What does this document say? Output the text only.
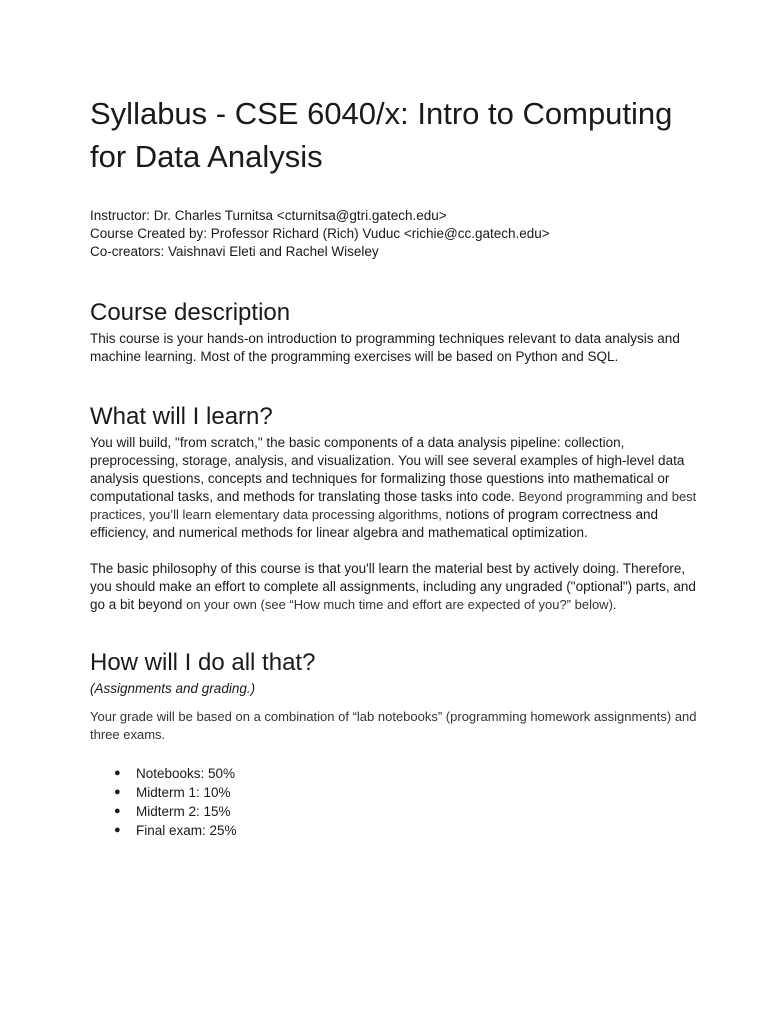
Syllabus - CSE 6040/x: Intro to Computing for Data Analysis
Instructor: Dr. Charles Turnitsa <cturnitsa@gtri.gatech.edu>
Course Created by: Professor Richard (Rich) Vuduc <richie@cc.gatech.edu>
Co-creators: Vaishnavi Eleti and Rachel Wiseley
Course description

This course is your hands-on introduction to programming techniques relevant to data analysis and machine learning. Most of the programming exercises will be based on Python and SQL.

What will I learn?

You will build, "from scratch," the basic components of a data analysis pipeline: collection, preprocessing, storage, analysis, and visualization. You will see several examples of high-level data analysis questions, concepts and techniques for formalizing those questions into mathematical or computational tasks, and methods for translating those tasks into code. Beyond programming and best practices, you’ll learn elementary data processing algorithms, notions of program correctness and efficiency, and numerical methods for linear algebra and mathematical optimization.

The basic philosophy of this course is that you'll learn the material best by actively doing. Therefore, you should make an effort to complete all assignments, including any ungraded ("optional") parts, and go a bit beyond on your own (see “How much time and effort are expected of you?” below).

How will I do all that?
(Assignments and grading.)

Your grade will be based on a combination of “lab notebooks” (programming homework assignments) and three exams.

● Notebooks: 50%
● Midterm 1: 10%
● Midterm 2: 15%
● Final exam: 25%
